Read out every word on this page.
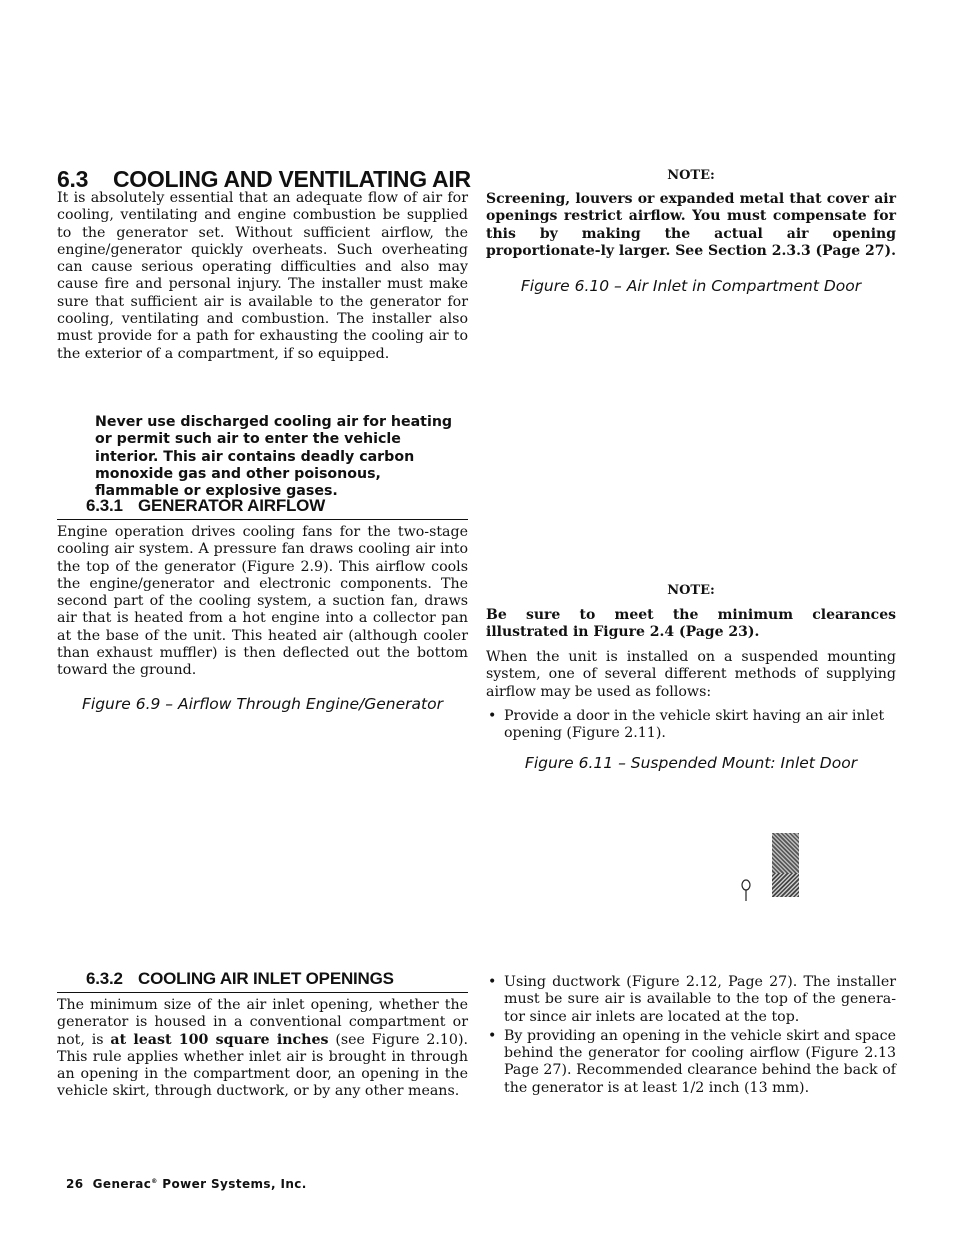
6.3 COOLING AND VENTILATING AIR

It is absolutely essential that an adequate flow of air for cooling, ventilating and engine combustion be supplied to the generator set. Without sufficient airflow, the engine/generator quickly overheats. Such overheating can cause serious operating difficulties and also may cause fire and personal injury. The installer must make sure that sufficient air is available to the generator for cooling, ventilating and combustion. The installer also must provide for a path for exhausting the cooling air to the exterior of a compartment, if so equipped.

Never use discharged cooling air for heating or permit such air to enter the vehicle interior. This air contains deadly carbon monoxide gas and other poisonous, flammable or explosive gases.
6.3.1 GENERATOR AIRFLOW

Engine operation drives cooling fans for the two-stage cooling air system. A pressure fan draws cooling air into the top of the generator (Figure 2.9). This airflow cools the engine/generator and electronic components. The second part of the cooling system, a suction fan, draws air that is heated from a hot engine into a collector pan at the base of the unit. This heated air (although cooler than exhaust muffler) is then deflected out the bottom toward the ground.

Figure 6.9 – Airflow Through Engine/Generator
6.3.2 COOLING AIR INLET OPENINGS

The minimum size of the air inlet opening, whether the generator is housed in a conventional compartment or not, is at least 100 square inches (see Figure 2.10). This rule applies whether inlet air is brought in through an opening in the compartment door, an opening in the vehicle skirt, through ductwork, or by any other means.

NOTE:
Screening, louvers or expanded metal that cover air openings restrict airflow. You must compensate for this by making the actual air opening proportionate-ly larger. See Section 2.3.3 (Page 27).
Figure 6.10 – Air Inlet in Compartment Door
NOTE:
Be sure to meet the minimum clearances illustrated in Figure 2.4 (Page 23).

When the unit is installed on a suspended mounting system, one of several different methods of supplying airflow may be used as follows:

• Provide a door in the vehicle skirt having an air inlet opening (Figure 2.11).
Figure 6.11 – Suspended Mount: Inlet Door
• Using ductwork (Figure 2.12, Page 27). The installer must be sure air is available to the top of the genera-tor since air inlets are located at the top.
• By providing an opening in the vehicle skirt and space behind the generator for cooling airflow (Figure 2.13 Page 27). Recommended clearance behind the back of the generator is at least 1/2 inch (13 mm).
26 Generac® Power Systems, Inc.
